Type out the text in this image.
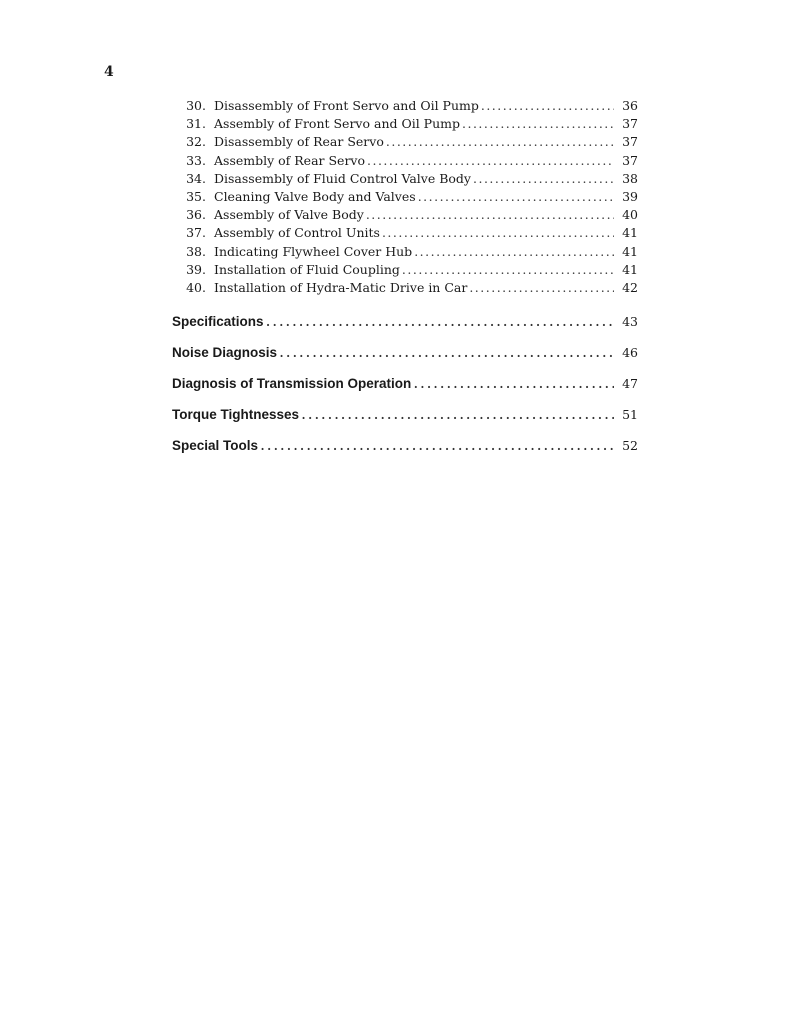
4
30. Disassembly of Front Servo and Oil Pump .....	36
31. Assembly of Front Servo and Oil Pump .....	37
32. Disassembly of Rear Servo .....	37
33. Assembly of Rear Servo .....	37
34. Disassembly of Fluid Control Valve Body .....	38
35. Cleaning Valve Body and Valves .....	39
36. Assembly of Valve Body .....	40
37. Assembly of Control Units .....	41
38. Indicating Flywheel Cover Hub .....	41
39. Installation of Fluid Coupling .....	41
40. Installation of Hydra-Matic Drive in Car .....	42
Specifications .....	43
Noise Diagnosis .....	46
Diagnosis of Transmission Operation .....	47
Torque Tightnesses .....	51
Special Tools .....	52
